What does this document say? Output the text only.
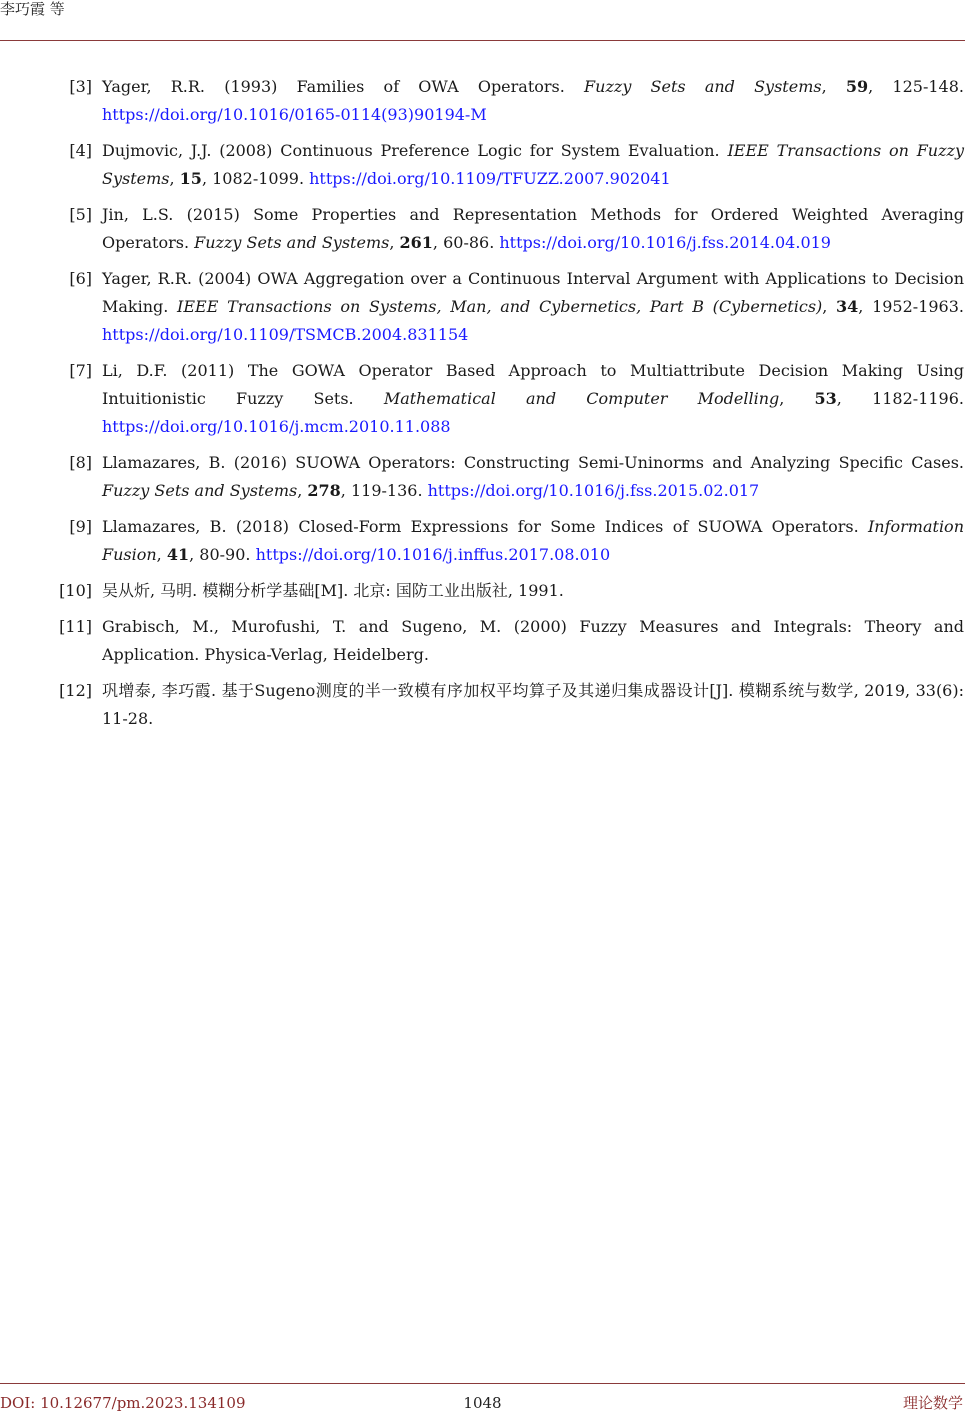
李巧霞 等
[3] Yager, R.R. (1993) Families of OWA Operators. Fuzzy Sets and Systems, 59, 125-148. https://doi.org/10.1016/0165-0114(93)90194-M
[4] Dujmovic, J.J. (2008) Continuous Preference Logic for System Evaluation. IEEE Transactions on Fuzzy Systems, 15, 1082-1099. https://doi.org/10.1109/TFUZZ.2007.902041
[5] Jin, L.S. (2015) Some Properties and Representation Methods for Ordered Weighted Averaging Operators. Fuzzy Sets and Systems, 261, 60-86. https://doi.org/10.1016/j.fss.2014.04.019
[6] Yager, R.R. (2004) OWA Aggregation over a Continuous Interval Argument with Applications to Decision Making. IEEE Transactions on Systems, Man, and Cybernetics, Part B (Cybernetics), 34, 1952-1963. https://doi.org/10.1109/TSMCB.2004.831154
[7] Li, D.F. (2011) The GOWA Operator Based Approach to Multiattribute Decision Making Using Intuitionistic Fuzzy Sets. Mathematical and Computer Modelling, 53, 1182-1196. https://doi.org/10.1016/j.mcm.2010.11.088
[8] Llamazares, B. (2016) SUOWA Operators: Constructing Semi-Uninorms and Analyzing Specific Cases. Fuzzy Sets and Systems, 278, 119-136. https://doi.org/10.1016/j.fss.2015.02.017
[9] Llamazares, B. (2018) Closed-Form Expressions for Some Indices of SUOWA Operators. Information Fusion, 41, 80-90. https://doi.org/10.1016/j.inffus.2017.08.010
[10] 吴从炘, 马明. 模糊分析学基础[M]. 北京: 国防工业出版社, 1991.
[11] Grabisch, M., Murofushi, T. and Sugeno, M. (2000) Fuzzy Measures and Integrals: Theory and Application. Physica-Verlag, Heidelberg.
[12] 巩增泰, 李巧霞. 基于Sugeno测度的半一致模有序加权平均算子及其递归集成器设计[J]. 模糊系统与数学, 2019, 33(6): 11-28.
DOI: 10.12677/pm.2023.134109	1048	理论数学
